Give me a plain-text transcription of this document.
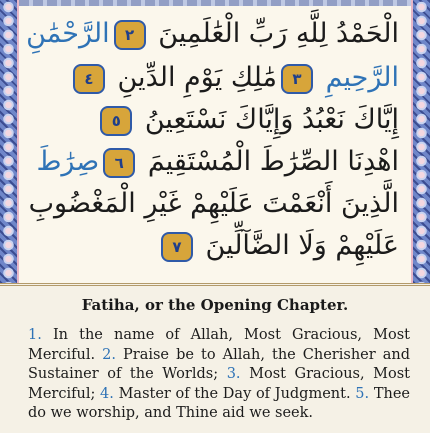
الْحَمْدُ لِلَّهِ رَبِّ الْعَٰلَمِينَ ٢الرَّحْمَٰنِ
الرَّحِيمِ ٣مَٰلِكِ يَوْمِ الدِّينِ ٤
إِيَّاكَ نَعْبُدُ وَإِيَّاكَ نَسْتَعِينُ ٥
اهْدِنَا الصِّرَٰطَ الْمُسْتَقِيمَ ٦صِرَٰطَ
الَّذِينَ أَنْعَمْتَ عَلَيْهِمْ غَيْرِ الْمَغْضُوبِ
عَلَيْهِمْ وَلَا الضَّآلِّينَ ٧
Fatiha, or the Opening Chapter.
1. In the name of Allah, Most Gracious, Most Merciful. 2. Praise be to Allah, the Cherisher and Sustainer of the Worlds; 3. Most Gracious, Most Merciful; 4. Master of the Day of Judgment. 5. Thee do we worship, and Thine aid we seek.
